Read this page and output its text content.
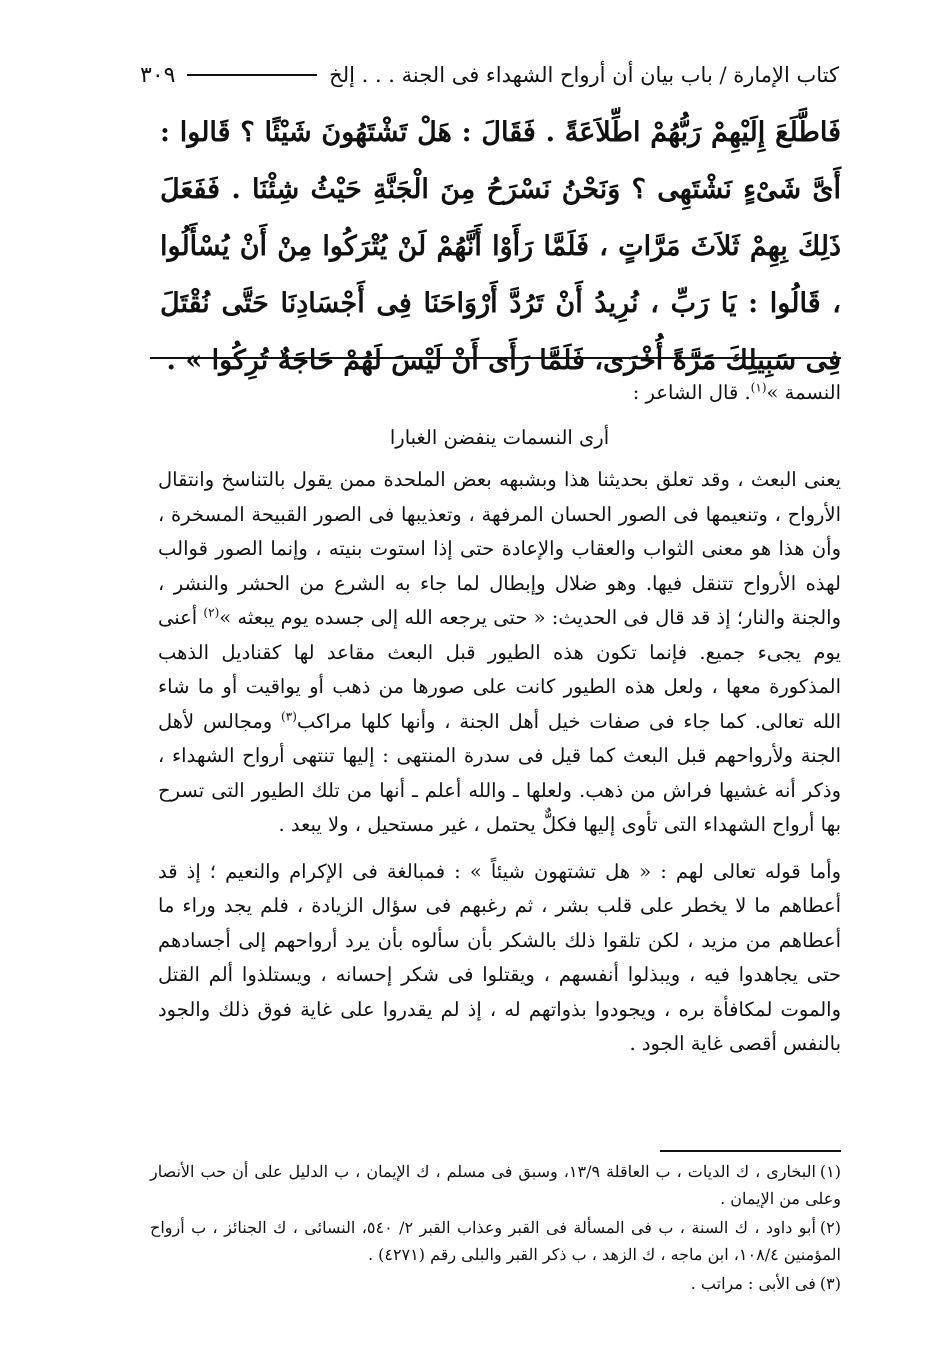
كتاب الإمارة / باب بيان أن أرواح الشهداء فى الجنة . . . إلخ
٣٠٩
فَاطَّلَعَ إِلَيْهِمْ رَبُّهُمْ اطِّلاَعَةً . فَقَالَ : هَلْ تَشْتَهُونَ شَيْئًا ؟ قَالوا : أَىَّ شَىْءٍ نَشْتَهِى ؟ وَنَحْنُ نَسْرَحُ مِنَ الْجَنَّةِ حَيْثُ شِئْنَا . فَفَعَلَ ذَلِكَ بِهِمْ ثَلاَثَ مَرَّاتٍ ، فَلَمَّا رَأَوْا أَنَّهُمْ لَنْ يُتْرَكُوا مِنْ أَنْ يُسْأَلُوا ، قَالُوا : يَا رَبِّ ، نُرِيدُ أَنْ تَرُدَّ أَرْوَاحَنَا فِى أَجْسَادِنَا حَتَّى نُقْتَلَ فِى سَبِيلِكَ مَرَّةً أُخْرَى، فَلَمَّا رَأَى أَنْ لَيْسَ لَهُمْ حَاجَةٌ تُرِكُوا » .

النسمة »$^{(١)}$. قال الشاعر :

أرى النسمات ينفضن الغبارا

يعنى البعث ، وقد تعلق بحديثنا هذا وبشبهه بعض الملحدة ممن يقول بالتناسخ وانتقال الأرواح ، وتنعيمها فى الصور الحسان المرفهة ، وتعذيبها فى الصور القبيحة المسخرة ، وأن هذا هو معنى الثواب والعقاب والإعادة حتى إذا استوت بنيته ، وإنما الصور قوالب لهذه الأرواح تتنقل فيها. وهو ضلال وإبطال لما جاء به الشرع من الحشر والنشر ، والجنة والنار؛ إذ قد قال فى الحديث: « حتى يرجعه الله إلى جسده يوم يبعثه »$^{(٢)}$ أعنى يوم يجىء جميع. فإنما تكون هذه الطيور قبل البعث مقاعد لها كقناديل الذهب المذكورة معها ، ولعل هذه الطيور كانت على صورها من ذهب أو يواقيت أو ما شاء الله تعالى. كما جاء فى صفات خيل أهل الجنة ، وأنها كلها مراكب$^{(٣)}$ ومجالس لأهل الجنة ولأرواحهم قبل البعث كما قيل فى سدرة المنتهى : إليها تنتهى أرواح الشهداء ، وذكر أنه غشيها فراش من ذهب. ولعلها ـ والله أعلم ـ أنها من تلك الطيور التى تسرح بها أرواح الشهداء التى تأوى إليها فكلٌّ يحتمل ، غير مستحيل ، ولا يبعد .

وأما قوله تعالى لهم : « هل تشتهون شيئاً » : فمبالغة فى الإكرام والنعيم ؛ إذ قد أعطاهم ما لا يخطر على قلب بشر ، ثم رغبهم فى سؤال الزيادة ، فلم يجد وراء ما أعطاهم من مزيد ، لكن تلقوا ذلك بالشكر بأن سألوه بأن يرد أرواحهم إلى أجسادهم حتى يجاهدوا فيه ، ويبذلوا أنفسهم ، ويقتلوا فى شكر إحسانه ، ويستلذوا ألم القتل والموت لمكافأة بره ، ويجودوا بذواتهم له ، إذ لم يقدروا على غاية فوق ذلك والجود بالنفس أقصى غاية الجود .

(١)البخارى ، ك الديات ، ب العاقلة ١٣/٩، وسبق فى مسلم ، ك الإيمان ، ب الدليل على أن حب الأنصار وعلى من الإيمان .

(٢)أبو داود ، ك السنة ، ب فى المسألة فى القبر وعذاب القبر ٢/ ٥٤٠، النسائى ، ك الجنائز ، ب أرواح المؤمنين ١٠٨/٤، ابن ماجه ، ك الزهد ، ب ذكر القبر والبلى رقم (٤٢٧١) .

(٣)فى الأبى : مراتب .
